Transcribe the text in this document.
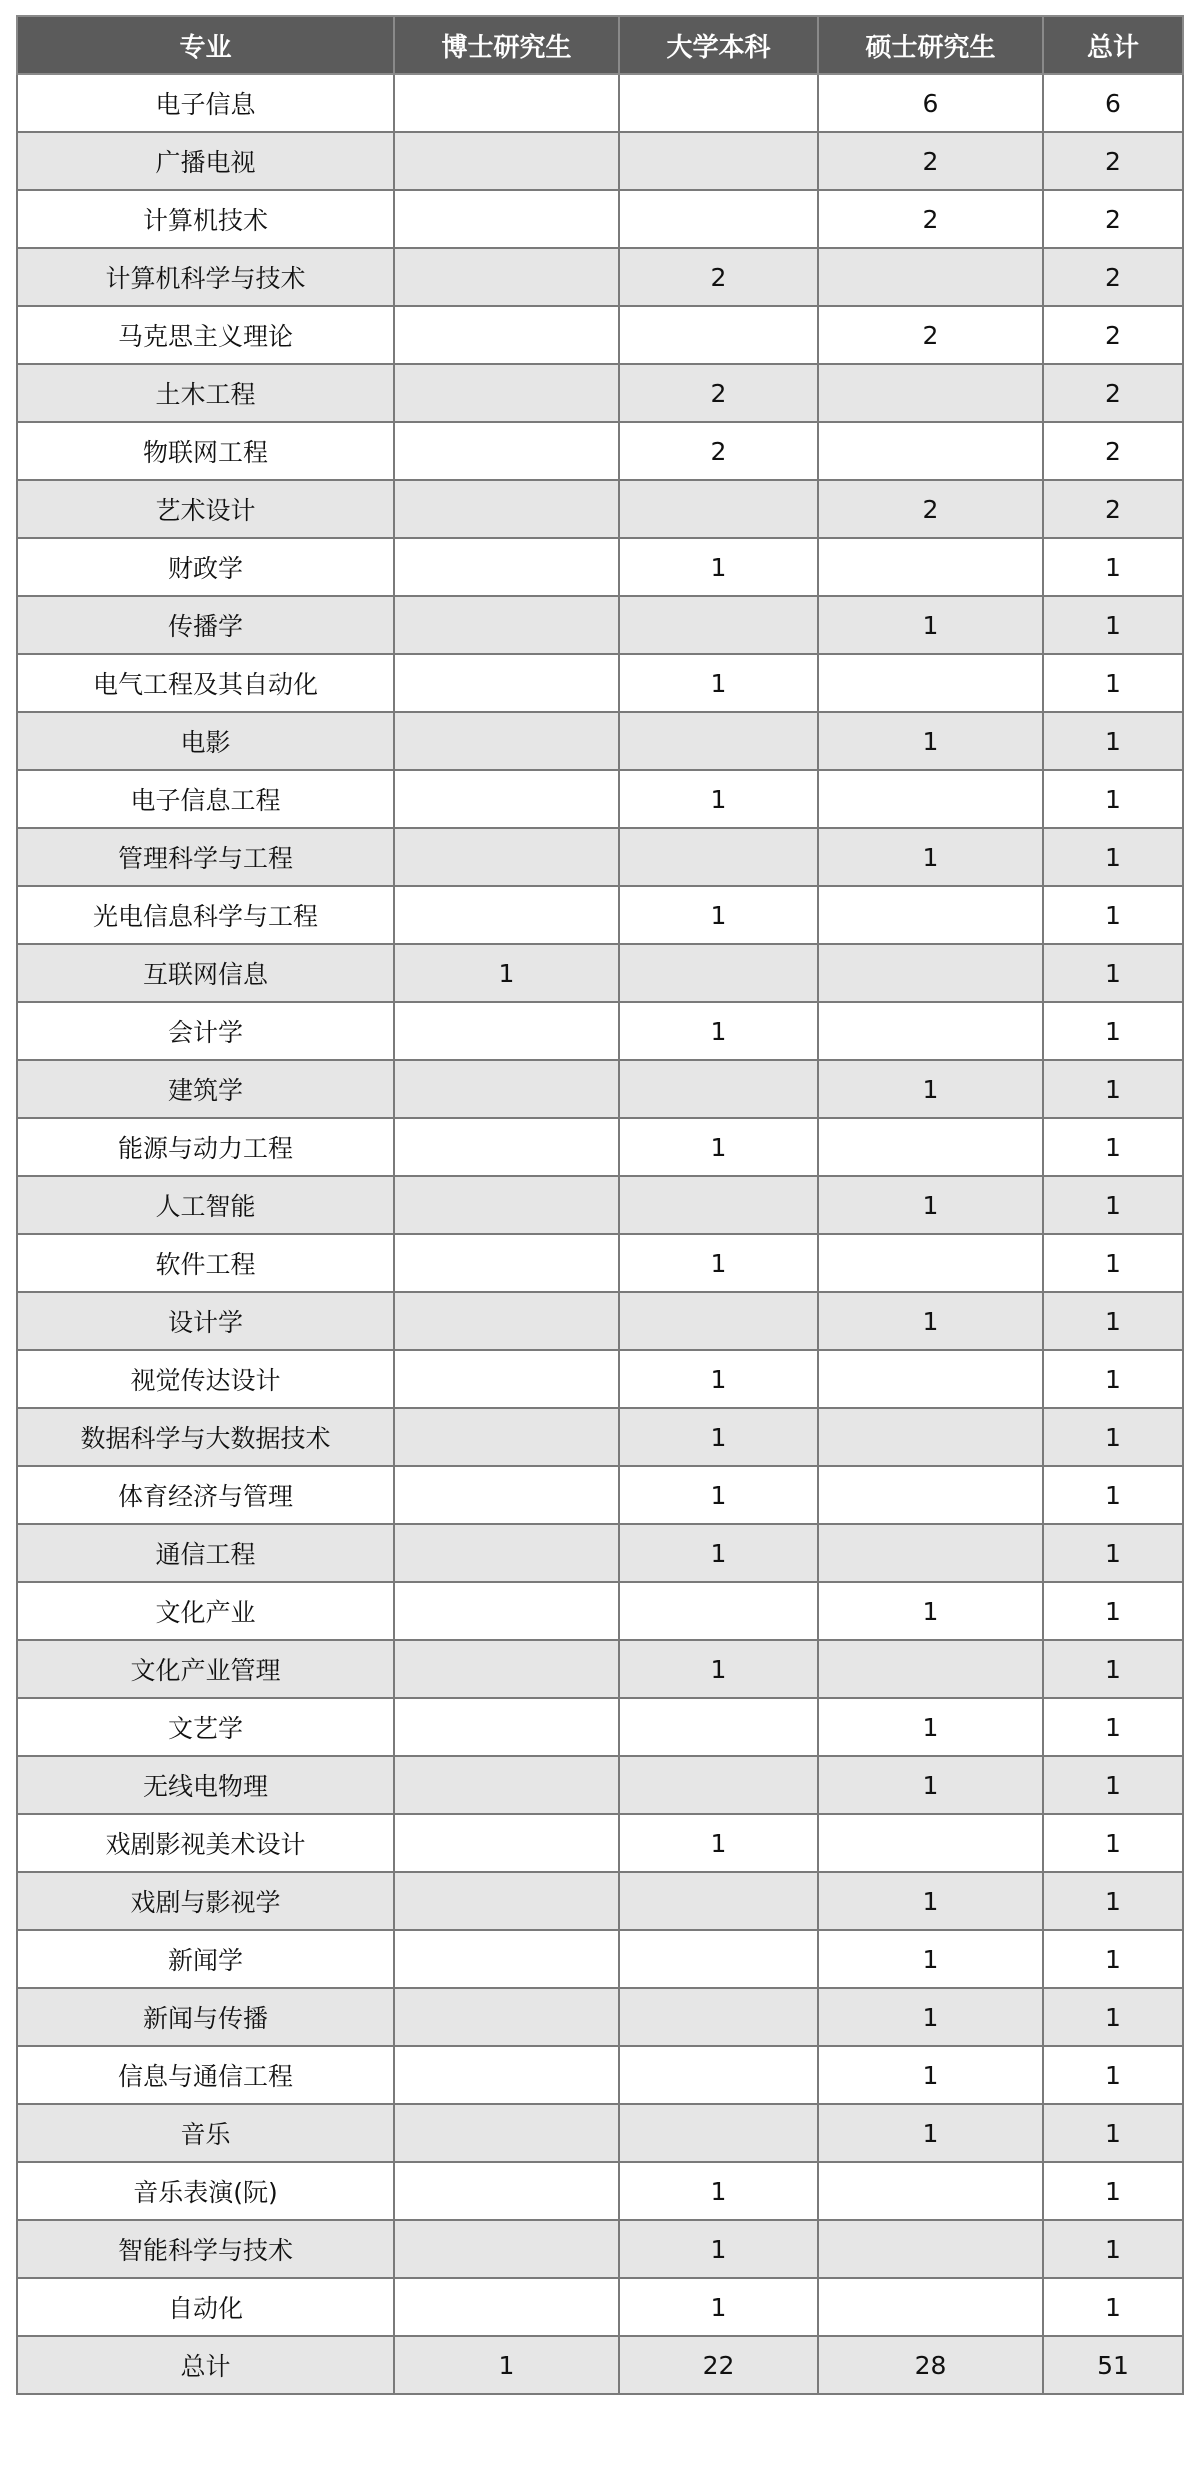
专业	博士研究生	大学本科	硕士研究生	总计
电子信息			6	6
广播电视			2	2
计算机技术			2	2
计算机科学与技术		2		2
马克思主义理论			2	2
土木工程		2		2
物联网工程		2		2
艺术设计			2	2
财政学		1		1
传播学			1	1
电气工程及其自动化		1		1
电影			1	1
电子信息工程		1		1
管理科学与工程			1	1
光电信息科学与工程		1		1
互联网信息	1			1
会计学		1		1
建筑学			1	1
能源与动力工程		1		1
人工智能			1	1
软件工程		1		1
设计学			1	1
视觉传达设计		1		1
数据科学与大数据技术		1		1
体育经济与管理		1		1
通信工程		1		1
文化产业			1	1
文化产业管理		1		1
文艺学			1	1
无线电物理			1	1
戏剧影视美术设计		1		1
戏剧与影视学			1	1
新闻学			1	1
新闻与传播			1	1
信息与通信工程			1	1
音乐			1	1
音乐表演(阮)		1		1
智能科学与技术		1		1
自动化		1		1
总计	1	22	28	51
